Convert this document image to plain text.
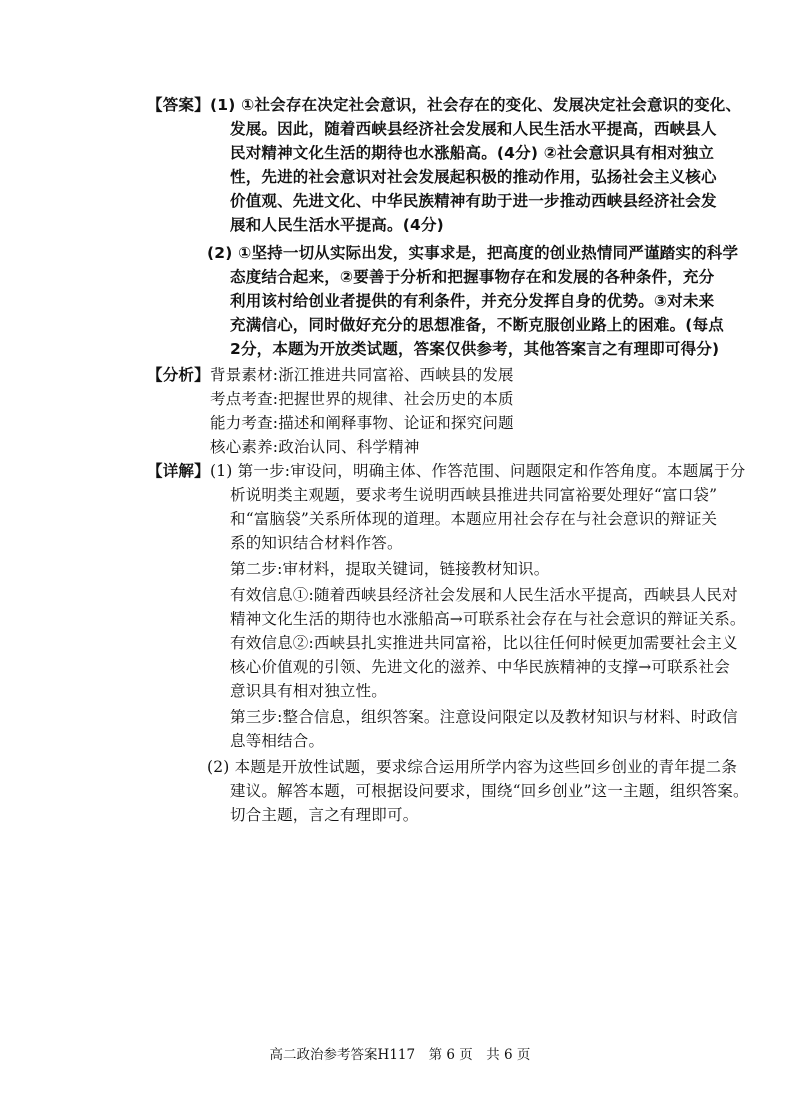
【答案】 (1) ①社会存在决定社会意识，社会存在的变化、发展决定社会意识的变化、
发展。因此，随着西峡县经济社会发展和人民生活水平提高，西峡县人
民对精神文化生活的期待也水涨船高。(4分) ②社会意识具有相对独立
性，先进的社会意识对社会发展起积极的推动作用，弘扬社会主义核心
价值观、先进文化、中华民族精神有助于进一步推动西峡县经济社会发
展和人民生活水平提高。(4分)
(2) ①坚持一切从实际出发，实事求是，把高度的创业热情同严谨踏实的科学
态度结合起来，②要善于分析和把握事物存在和发展的各种条件，充分
利用该村给创业者提供的有利条件，并充分发挥自身的优势。③对未来
充满信心，同时做好充分的思想准备，不断克服创业路上的困难。(每点
2分，本题为开放类试题，答案仅供参考，其他答案言之有理即可得分)
【分析】 背景素材:浙江推进共同富裕、西峡县的发展
考点考查:把握世界的规律、社会历史的本质
能力考查:描述和阐释事物、论证和探究问题
核心素养:政治认同、科学精神
【详解】 (1) 第一步:审设问，明确主体、作答范围、问题限定和作答角度。本题属于分
析说明类主观题，要求考生说明西峡县推进共同富裕要处理好“富口袋”
和“富脑袋”关系所体现的道理。本题应用社会存在与社会意识的辩证关
系的知识结合材料作答。
第二步:审材料，提取关键词，链接教材知识。
有效信息①:随着西峡县经济社会发展和人民生活水平提高，西峡县人民对
精神文化生活的期待也水涨船高→可联系社会存在与社会意识的辩证关系。
有效信息②:西峡县扎实推进共同富裕，比以往任何时候更加需要社会主义
核心价值观的引领、先进文化的滋养、中华民族精神的支撑→可联系社会
意识具有相对独立性。
第三步:整合信息，组织答案。注意设问限定以及教材知识与材料、时政信
息等相结合。
(2) 本题是开放性试题，要求综合运用所学内容为这些回乡创业的青年提二条
建议。解答本题，可根据设问要求，围绕“回乡创业”这一主题，组织答案。
切合主题，言之有理即可。
高二政治参考答案H117　第 6 页　共 6 页
